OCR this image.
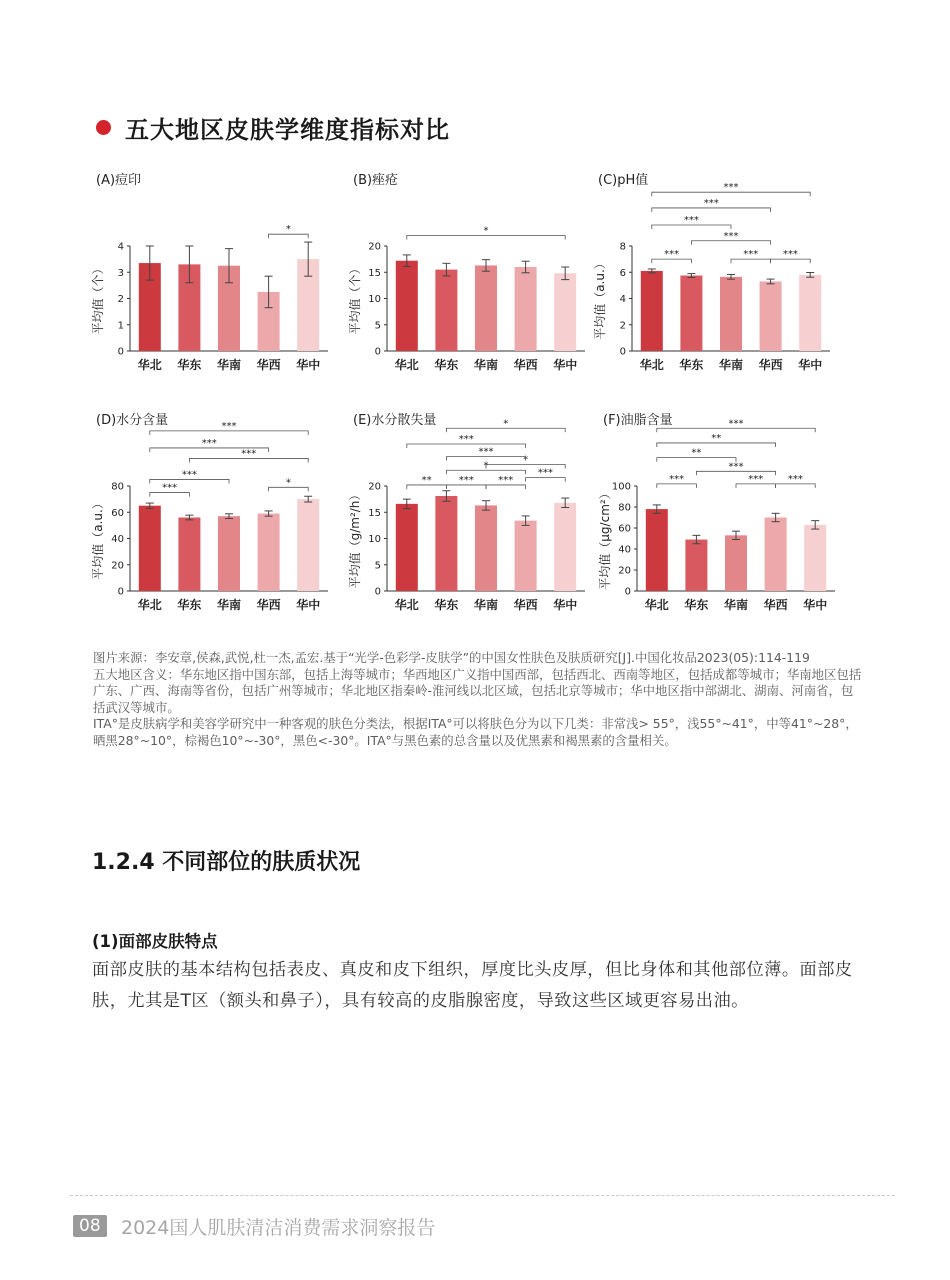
五大地区皮肤学维度指标对比
(A)痘印
平均值（个）
0
1
2
3
4
华北 华东 华南 华西 华中
*
(B)痤疮
平均值（个）
0
5
10
15
20
华北 华东 华南 华西 华中
*
(C)pH值
平均值（a.u.）
0
2
4
6
8
华北 华东 华南 华西 华中
***	*** ***
***
***
***
***
(D)水分含量
平均值（a.u.）
0
20
40
60
80
华北 华东 华南 华西 华中
***	*
***
***
***
***	(E)水分散失量
平均值（g/m²/h）
0
5
10
15
20
华北 华东 华南 华西 华中
**	*** ***
***
*
*
***
***
*	(F)油脂含量
平均值（μg/cm²）
0
20
40
60
80
100
华北 华东 华南 华西 华中
***	*** ***
***
**
**
***

图片来源：李安章,侯森,武悦,杜一杰,孟宏.基于“光学-色彩学-皮肤学”的中国女性肤色及肤质研究[J].中国化妆品2023(05):114-119

五大地区含义：华东地区指中国东部，包括上海等城市；华西地区广义指中国西部，包括西北、西南等地区，包括成都等城市；华南地区包括广东、广西、海南等省份，包括广州等城市；华北地区指秦岭-淮河线以北区域，包括北京等城市；华中地区指中部湖北、湖南、河南省，包括武汉等城市。

ITA°是皮肤病学和美容学研究中一种客观的肤色分类法，根据ITA°可以将肤色分为以下几类：非常浅> 55°，浅55°~41°，中等41°~28°，晒黑28°~10°，棕褐色10°~-30°，黑色<-30°。ITA°与黑色素的总含量以及优黑素和褐黑素的含量相关。

1.2.4 不同部位的肤质状况
(1)面部皮肤特点
面部皮肤的基本结构包括表皮、真皮和皮下组织，厚度比头皮厚，但比身体和其他部位薄。面部皮肤，尤其是T区（额头和鼻子），具有较高的皮脂腺密度，导致这些区域更容易出油。
08	2024国人肌肤清洁消费需求洞察报告
